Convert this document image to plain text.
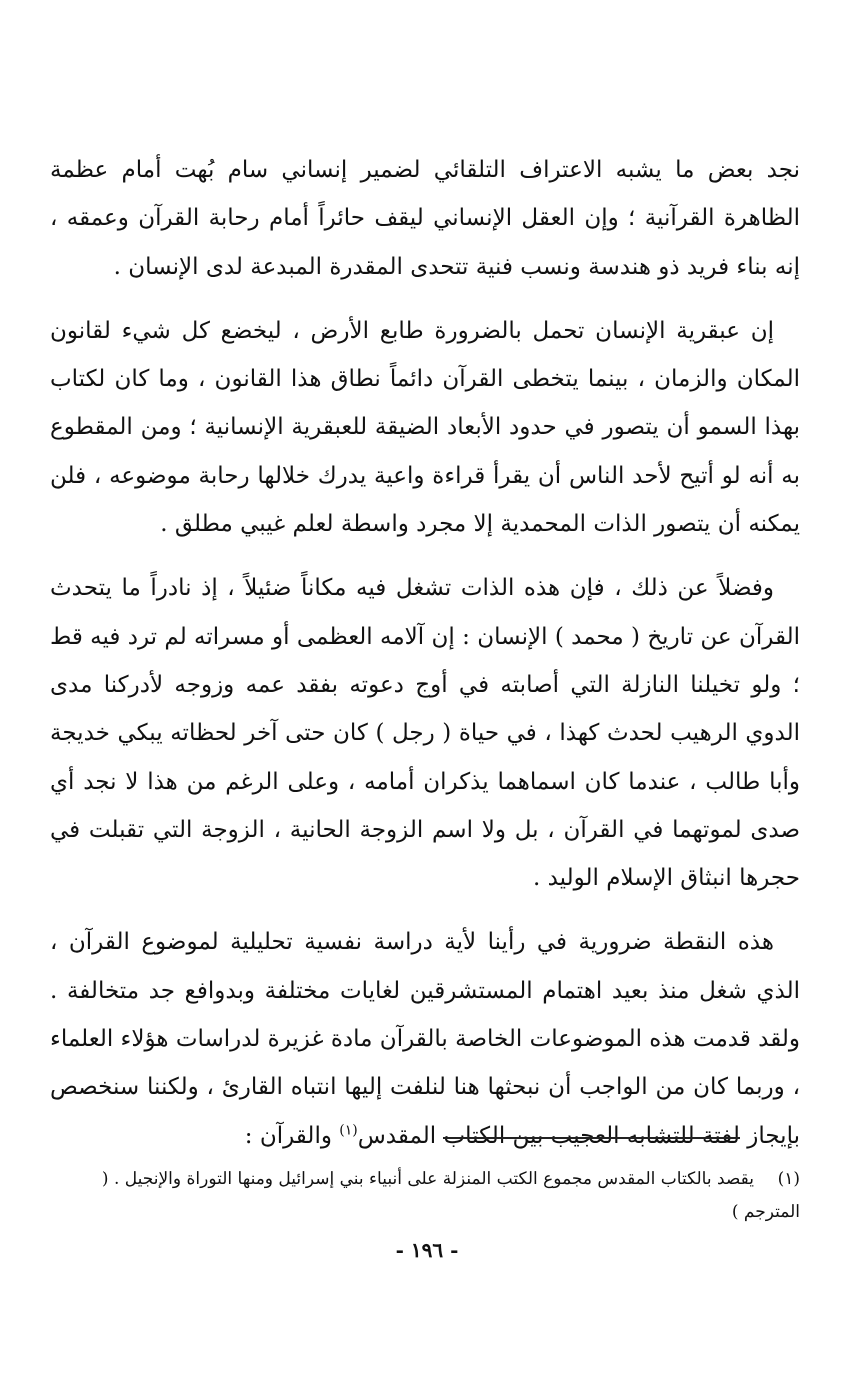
نجد بعض ما يشبه الاعتراف التلقائي لضمير إنساني سام بُهت أمام عظمة الظاهرة القرآنية ؛ وإن العقل الإنساني ليقف حائراً أمام رحابة القرآن وعمقه ، إنه بناء فريد ذو هندسة ونسب فنية تتحدى المقدرة المبدعة لدى الإنسان .

إن عبقرية الإنسان تحمل بالضرورة طابع الأرض ، ليخضع كل شيء لقانون المكان والزمان ، بينما يتخطى القرآن دائماً نطاق هذا القانون ، وما كان لكتاب بهذا السمو أن يتصور في حدود الأبعاد الضيقة للعبقرية الإنسانية ؛ ومن المقطوع به أنه لو أتيح لأحد الناس أن يقرأ قراءة واعية يدرك خلالها رحابة موضوعه ، فلن يمكنه أن يتصور الذات المحمدية إلا مجرد واسطة لعلم غيبي مطلق .

وفضلاً عن ذلك ، فإن هذه الذات تشغل فيه مكاناً ضئيلاً ، إذ نادراً ما يتحدث القرآن عن تاريخ ( محمد ) الإنسان : إن آلامه العظمى أو مسراته لم ترد فيه قط ؛ ولو تخيلنا النازلة التي أصابته في أوج دعوته بفقد عمه وزوجه لأدركنا مدى الدوي الرهيب لحدث كهذا ، في حياة ( رجل ) كان حتى آخر لحظاته يبكي خديجة وأبا طالب ، عندما كان اسماهما يذكران أمامه ، وعلى الرغم من هذا لا نجد أي صدى لموتهما في القرآن ، بل ولا اسم الزوجة الحانية ، الزوجة التي تقبلت في حجرها انبثاق الإسلام الوليد .

هذه النقطة ضرورية في رأينا لأية دراسة نفسية تحليلية لموضوع القرآن ، الذي شغل منذ بعيد اهتمام المستشرقين لغايات مختلفة وبدوافع جد متخالفة . ولقد قدمت هذه الموضوعات الخاصة بالقرآن مادة غزيرة لدراسات هؤلاء العلماء ، وربما كان من الواجب أن نبحثها هنا لنلفت إليها انتباه القارئ ، ولكننا سنخصص بإيجاز لفتة للتشابه العجيب بين الكتاب المقدس$^{(١)}$ والقرآن :

(١)يقصد بالكتاب المقدس مجموع الكتب المنزلة على أنبياء بني إسرائيل ومنها التوراة والإنجيل . ( المترجم )

- ١٩٦ -
